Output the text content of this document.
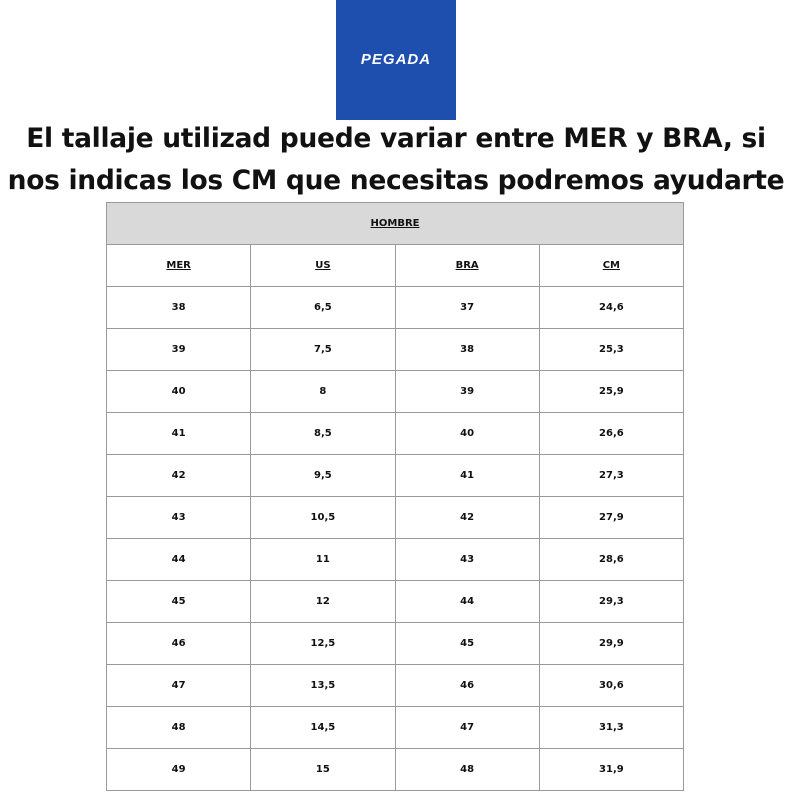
PEGADA
El tallaje utilizad puede variar entre MER y BRA, si
nos indicas los CM que necesitas podremos ayudarte
HOMBRE			
MER	US	BRA	CM
38	6,5	37	24,6
39	7,5	38	25,3
40	8	39	25,9
41	8,5	40	26,6
42	9,5	41	27,3
43	10,5	42	27,9
44	11	43	28,6
45	12	44	29,3
46	12,5	45	29,9
47	13,5	46	30,6
48	14,5	47	31,3
49	15	48	31,9
